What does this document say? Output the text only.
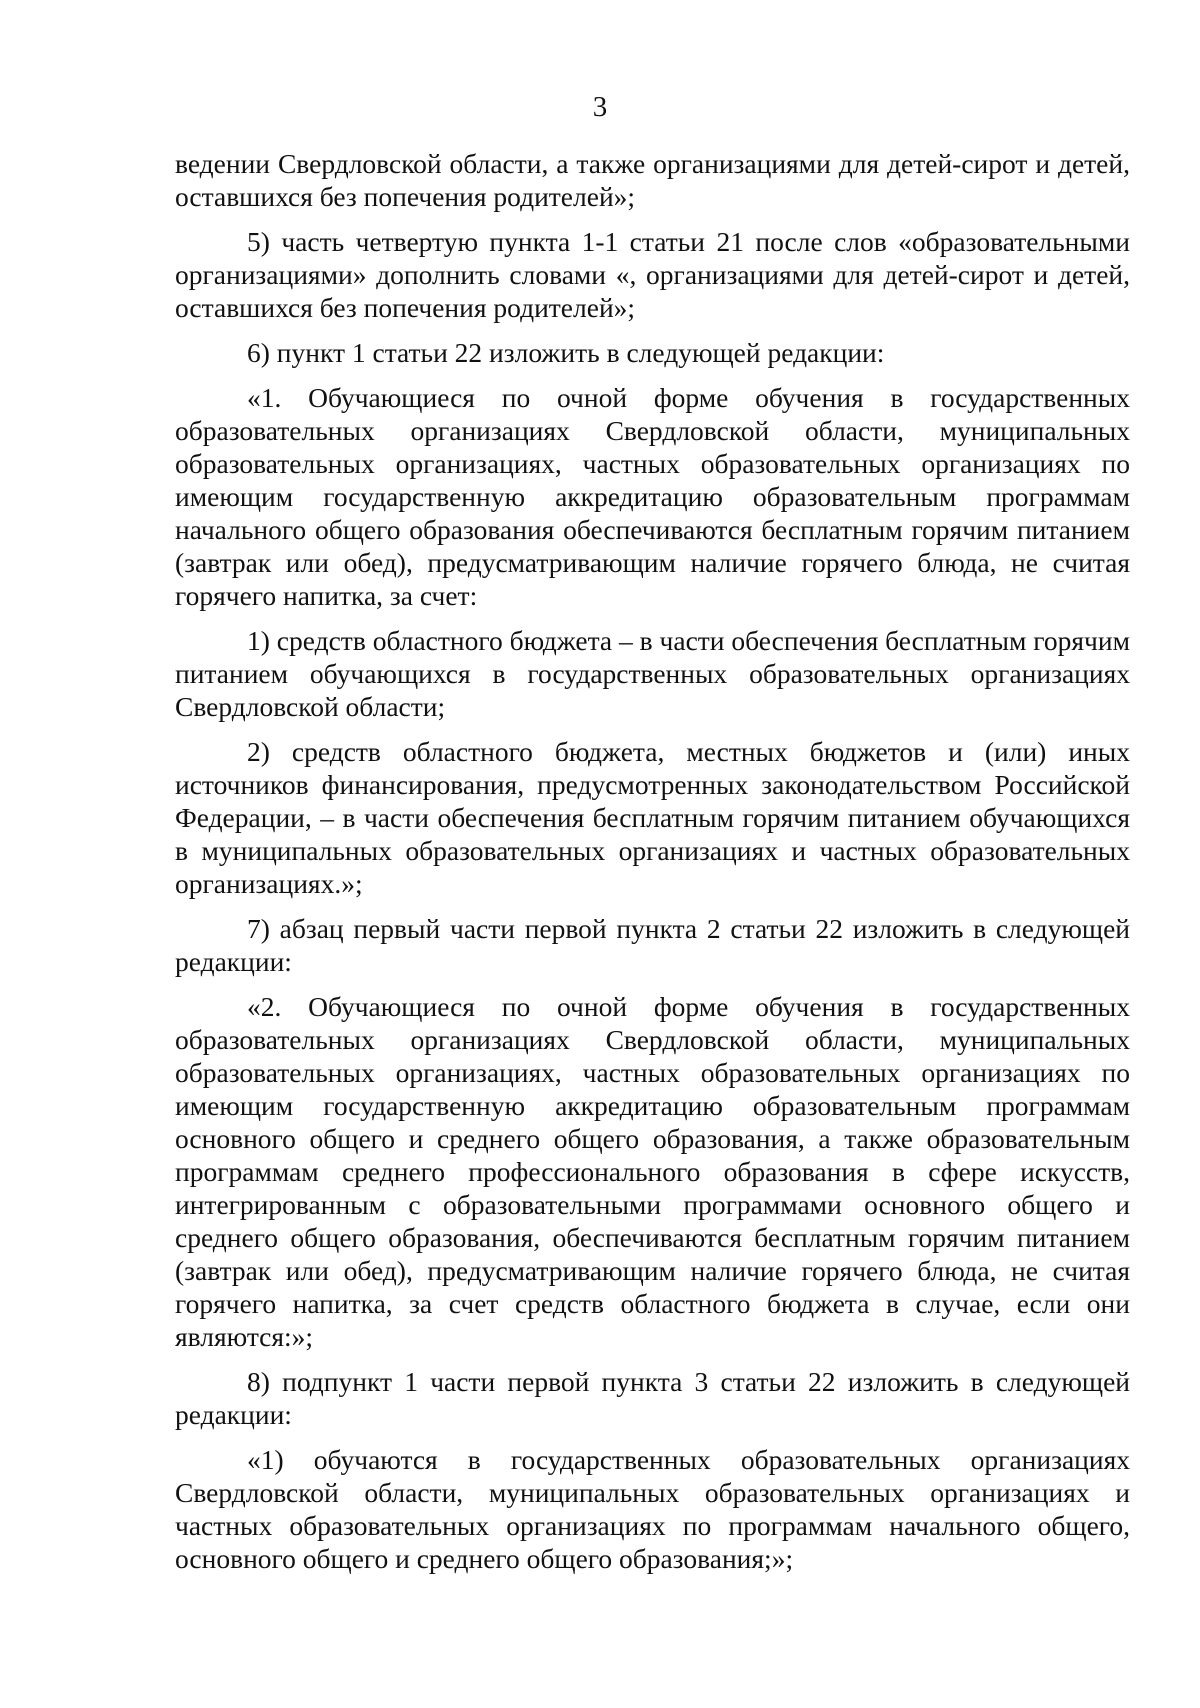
3

ведении Свердловской области, а также организациями для детей-сирот и детей, оставшихся без попечения родителей»;

5) часть четвертую пункта 1-1 статьи 21 после слов «образовательными организациями» дополнить словами «, организациями для детей-сирот и детей, оставшихся без попечения родителей»;

6) пункт 1 статьи 22 изложить в следующей редакции:

«1. Обучающиеся по очной форме обучения в государственных образовательных организациях Свердловской области, муниципальных образовательных организациях, частных образовательных организациях по имеющим государственную аккредитацию образовательным программам начального общего образования обеспечиваются бесплатным горячим питанием (завтрак или обед), предусматривающим наличие горячего блюда, не считая горячего напитка, за счет:

1) средств областного бюджета – в части обеспечения бесплатным горячим питанием обучающихся в государственных образовательных организациях Свердловской области;

2) средств областного бюджета, местных бюджетов и (или) иных источников финансирования, предусмотренных законодательством Российской Федерации, – в части обеспечения бесплатным горячим питанием обучающихся в муниципальных образовательных организациях и частных образовательных организациях.»;

7) абзац первый части первой пункта 2 статьи 22 изложить в следующей редакции:

«2. Обучающиеся по очной форме обучения в государственных образовательных организациях Свердловской области, муниципальных образовательных организациях, частных образовательных организациях по имеющим государственную аккредитацию образовательным программам основного общего и среднего общего образования, а также образовательным программам среднего профессионального образования в сфере искусств, интегрированным с образовательными программами основного общего и среднего общего образования, обеспечиваются бесплатным горячим питанием (завтрак или обед), предусматривающим наличие горячего блюда, не считая горячего напитка, за счет средств областного бюджета в случае, если они являются:»;

8) подпункт 1 части первой пункта 3 статьи 22 изложить в следующей редакции:

«1) обучаются в государственных образовательных организациях Свердловской области, муниципальных образовательных организациях и частных образовательных организациях по программам начального общего, основного общего и среднего общего образования;»;
